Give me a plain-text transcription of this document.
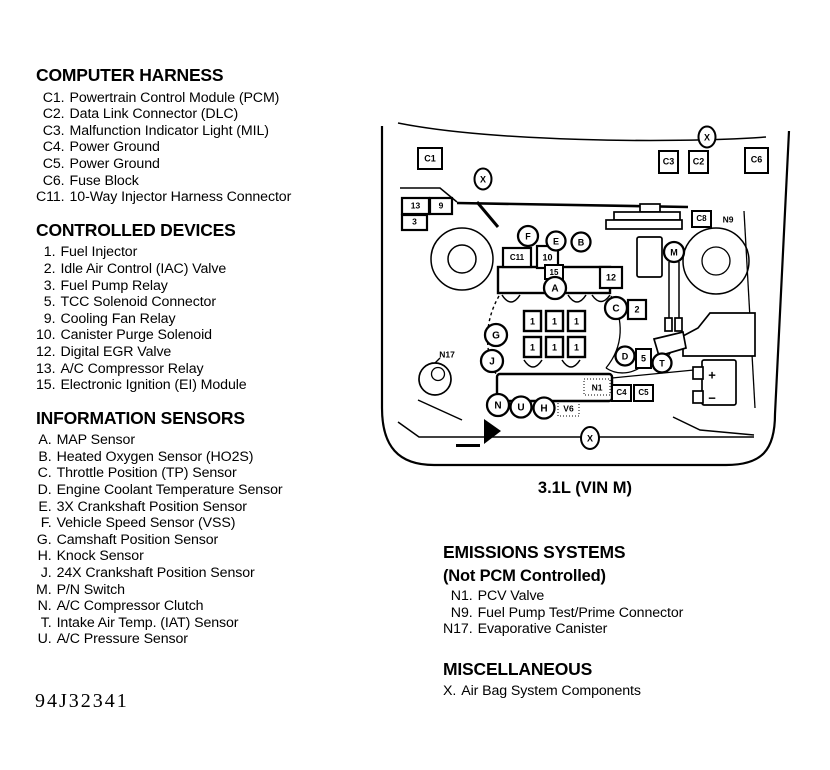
COMPUTER HARNESS
C1. Powertrain Control Module (PCM)
C2. Data Link Connector (DLC)
C3. Malfunction Indicator Light (MIL)
C4. Power Ground
C5. Power Ground
C6. Fuse Block
C11. 10-Way Injector Harness Connector
CONTROLLED DEVICES
1. Fuel Injector
2. Idle Air Control (IAC) Valve
3. Fuel Pump Relay
5. TCC Solenoid Connector
9. Cooling Fan Relay
10. Canister Purge Solenoid
12. Digital EGR Valve
13. A/C Compressor Relay
15. Electronic Ignition (EI) Module
INFORMATION SENSORS
A. MAP Sensor
B. Heated Oxygen Sensor (HO2S)
C. Throttle Position (TP) Sensor
D. Engine Coolant Temperature Sensor
E. 3X Crankshaft Position Sensor
F. Vehicle Speed Sensor (VSS)
G. Camshaft Position Sensor
H. Knock Sensor
J. 24X Crankshaft Position Sensor
M. P/N Switch
N. A/C Compressor Clutch
T. Intake Air Temp. (IAT) Sensor
U. A/C Pressure Sensor
EMISSIONS SYSTEMS
(Not PCM Controlled)
N1. PCV Valve
N9. Fuel Pump Test/Prime Connector
N17. Evaporative Canister
MISCELLANEOUS
X. Air Bag System Components
94J32341
3.1L (VIN M)
+
−
C1
X
X
C3 C2	C6
13 9
3
C11 10
15
A
12
F E B
G
J
M
1 1 1
1 1 1
C 2
D 5 T
C8 N9
N1
C4 C5
N U H V6
N17
X
